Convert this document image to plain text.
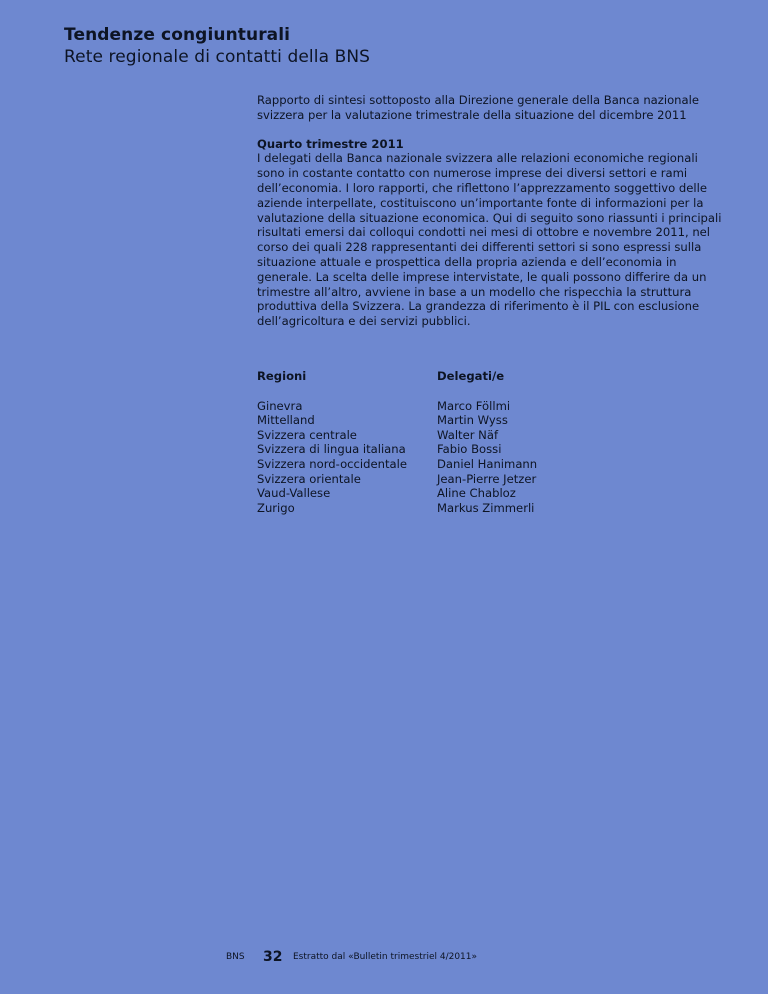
Tendenze congiunturali
Rete regionale di contatti della BNS

Rapporto di sintesi sottoposto alla Direzione generale della Banca nazionale svizzera per la valutazione trimestrale della situazione del dicembre 2011

Quarto trimestre 2011

I delegati della Banca nazionale svizzera alle relazioni economiche regionali sono in costante contatto con numerose imprese dei diversi settori e rami dell’economia. I loro rapporti, che riflettono l’apprezzamento soggettivo delle aziende interpellate, costituiscono un’importante fonte di informazioni per la valutazione della situazione economica. Qui di seguito sono riassunti i principali risultati emersi dai colloqui condotti nei mesi di ottobre e novembre 2011, nel corso dei quali 228 rappresentanti dei differenti settori si sono espressi sulla situazione attuale e prospettica della propria azienda e dell’economia in generale. La scelta delle imprese intervistate, le quali possono differire da un trimestre all’altro, avviene in base a un modello che rispecchia la struttura produttiva della Svizzera. La grandezza di riferimento è il PIL con esclusione dell’agricoltura e dei servizi pubblici.

Regioni
Ginevra
Mittelland
Svizzera centrale
Svizzera di lingua italiana
Svizzera nord-occidentale
Svizzera orientale
Vaud-Vallese
Zurigo
Delegati/e
Marco Föllmi
Martin Wyss
Walter Näf
Fabio Bossi
Daniel Hanimann
Jean-Pierre Jetzer
Aline Chabloz
Markus Zimmerli
BNS 32 Estratto dal «Bulletin trimestriel 4/2011»
